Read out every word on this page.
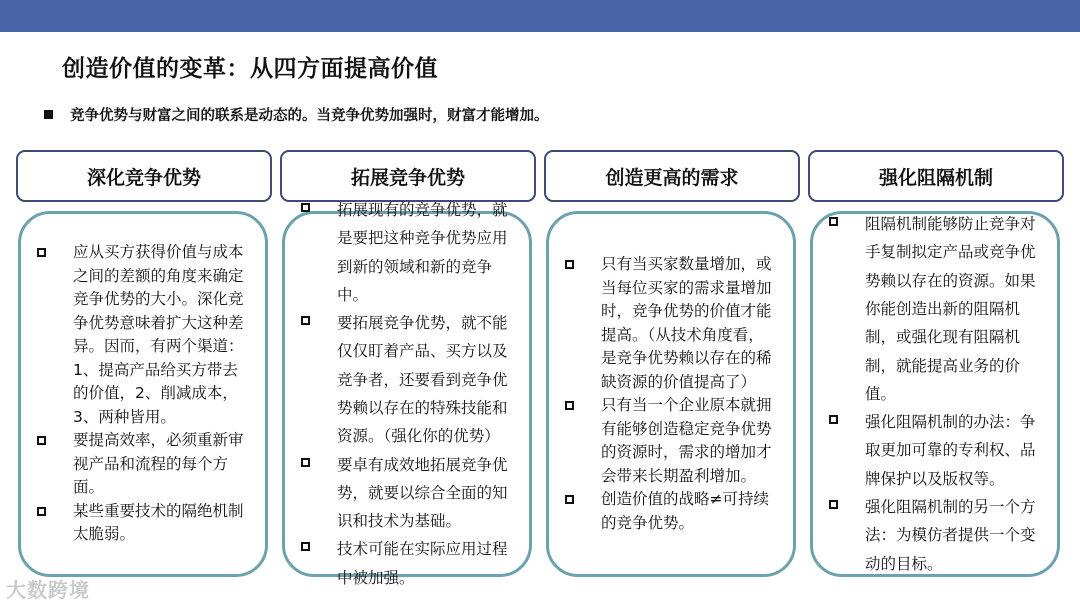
创造价值的变革：从四方面提高价值
竞争优势与财富之间的联系是动态的。当竞争优势加强时，财富才能增加。
深化竞争优势
应从买方获得价值与成本之间的差额的角度来确定竞争优势的大小。深化竞争优势意味着扩大这种差异。因而，有两个渠道：1、提高产品给买方带去的价值，2、削减成本，3、两种皆用。
要提高效率，必须重新审视产品和流程的每个方面。
某些重要技术的隔绝机制太脆弱。
拓展竞争优势
拓展现有的竞争优势，就是要把这种竞争优势应用到新的领域和新的竞争中。
要拓展竞争优势，就不能仅仅盯着产品、买方以及竞争者，还要看到竞争优势赖以存在的特殊技能和资源。（强化你的优势）
要卓有成效地拓展竞争优势，就要以综合全面的知识和技术为基础。
技术可能在实际应用过程中被加强。
创造更高的需求
只有当买家数量增加，或当每位买家的需求量增加时，竞争优势的价值才能提高。（从技术角度看，是竞争优势赖以存在的稀缺资源的价值提高了）
只有当一个企业原本就拥有能够创造稳定竞争优势的资源时，需求的增加才会带来长期盈利增加。
创造价值的战略≠可持续的竞争优势。
强化阻隔机制
阻隔机制能够防止竞争对手复制拟定产品或竞争优势赖以存在的资源。如果你能创造出新的阻隔机制，或强化现有阻隔机制，就能提高业务的价值。
强化阻隔机制的办法：争取更加可靠的专利权、品牌保护以及版权等。
强化阻隔机制的另一个方法：为模仿者提供一个变动的目标。
大数跨境
